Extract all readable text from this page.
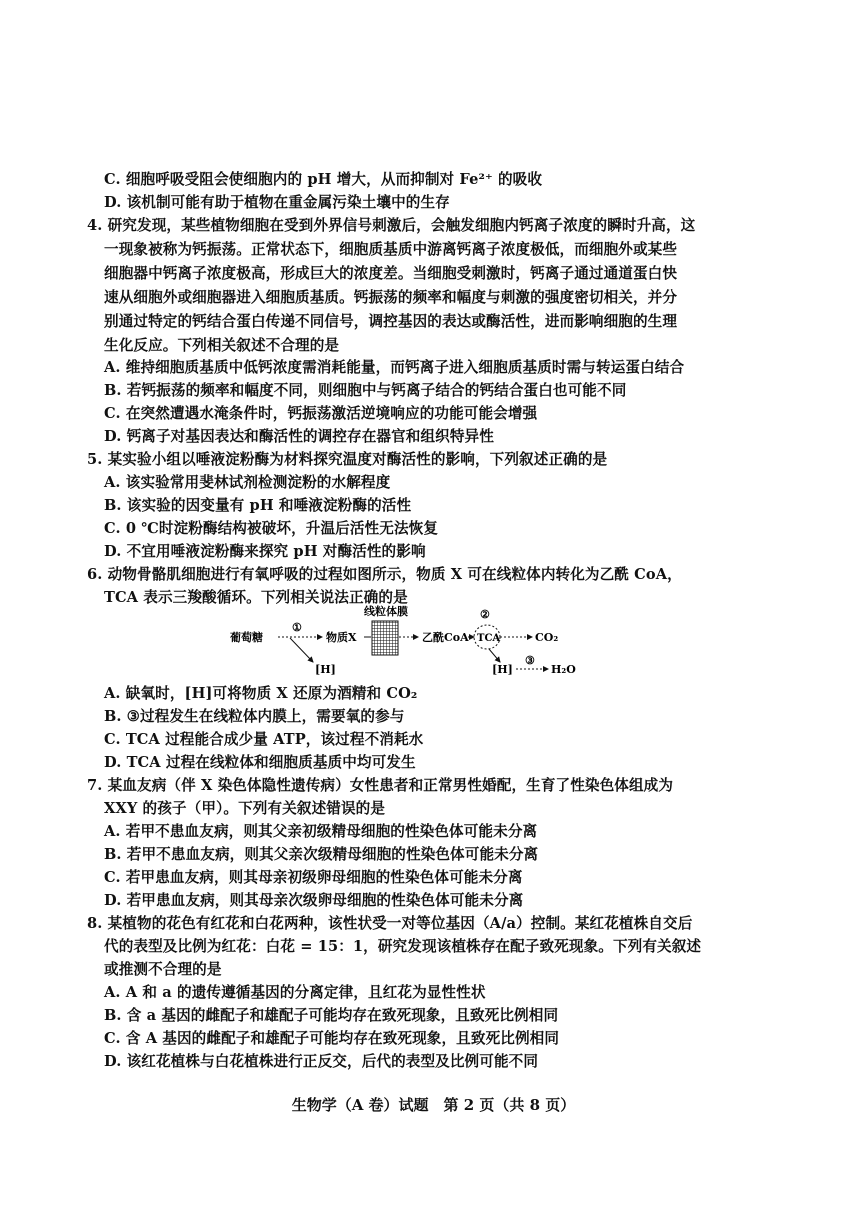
C. 细胞呼吸受阻会使细胞内的 pH 增大，从而抑制对 Fe²⁺ 的吸收
D. 该机制可能有助于植物在重金属污染土壤中的生存
4. 研究发现，某些植物细胞在受到外界信号刺激后，会触发细胞内钙离子浓度的瞬时升高，这
一现象被称为钙振荡。正常状态下，细胞质基质中游离钙离子浓度极低，而细胞外或某些
细胞器中钙离子浓度极高，形成巨大的浓度差。当细胞受刺激时，钙离子通过通道蛋白快
速从细胞外或细胞器进入细胞质基质。钙振荡的频率和幅度与刺激的强度密切相关，并分
别通过特定的钙结合蛋白传递不同信号，调控基因的表达或酶活性，进而影响细胞的生理
生化反应。下列相关叙述不合理的是
A. 维持细胞质基质中低钙浓度需消耗能量，而钙离子进入细胞质基质时需与转运蛋白结合
B. 若钙振荡的频率和幅度不同，则细胞中与钙离子结合的钙结合蛋白也可能不同
C. 在突然遭遇水淹条件时，钙振荡激活逆境响应的功能可能会增强
D. 钙离子对基因表达和酶活性的调控存在器官和组织特异性
5. 某实验小组以唾液淀粉酶为材料探究温度对酶活性的影响，下列叙述正确的是
A. 该实验常用斐林试剂检测淀粉的水解程度
B. 该实验的因变量有 pH 和唾液淀粉酶的活性
C. 0 ℃时淀粉酶结构被破坏，升温后活性无法恢复
D. 不宜用唾液淀粉酶来探究 pH 对酶活性的影响
6. 动物骨骼肌细胞进行有氧呼吸的过程如图所示，物质 X 可在线粒体内转化为乙酰 CoA，
TCA 表示三羧酸循环。下列相关说法正确的是
线粒体膜
葡萄糖
①
[H]
物质X	乙酰CoA
②
TCA	CO₂
[H]
③
H₂O
A. 缺氧时，[H]可将物质 X 还原为酒精和 CO₂
B. ③过程发生在线粒体内膜上，需要氧的参与
C. TCA 过程能合成少量 ATP，该过程不消耗水
D. TCA 过程在线粒体和细胞质基质中均可发生
7. 某血友病（伴 X 染色体隐性遗传病）女性患者和正常男性婚配，生育了性染色体组成为
XXY 的孩子（甲）。下列有关叙述错误的是
A. 若甲不患血友病，则其父亲初级精母细胞的性染色体可能未分离
B. 若甲不患血友病，则其父亲次级精母细胞的性染色体可能未分离
C. 若甲患血友病，则其母亲初级卵母细胞的性染色体可能未分离
D. 若甲患血友病，则其母亲次级卵母细胞的性染色体可能未分离
8. 某植物的花色有红花和白花两种，该性状受一对等位基因（A/a）控制。某红花植株自交后
代的表型及比例为红花：白花 = 15：1，研究发现该植株存在配子致死现象。下列有关叙述
或推测不合理的是
A. A 和 a 的遗传遵循基因的分离定律，且红花为显性性状
B. 含 a 基因的雌配子和雄配子可能均存在致死现象，且致死比例相同
C. 含 A 基因的雌配子和雄配子可能均存在致死现象，且致死比例相同
D. 该红花植株与白花植株进行正反交，后代的表型及比例可能不同
生物学（A 卷）试题　第 2 页（共 8 页）
